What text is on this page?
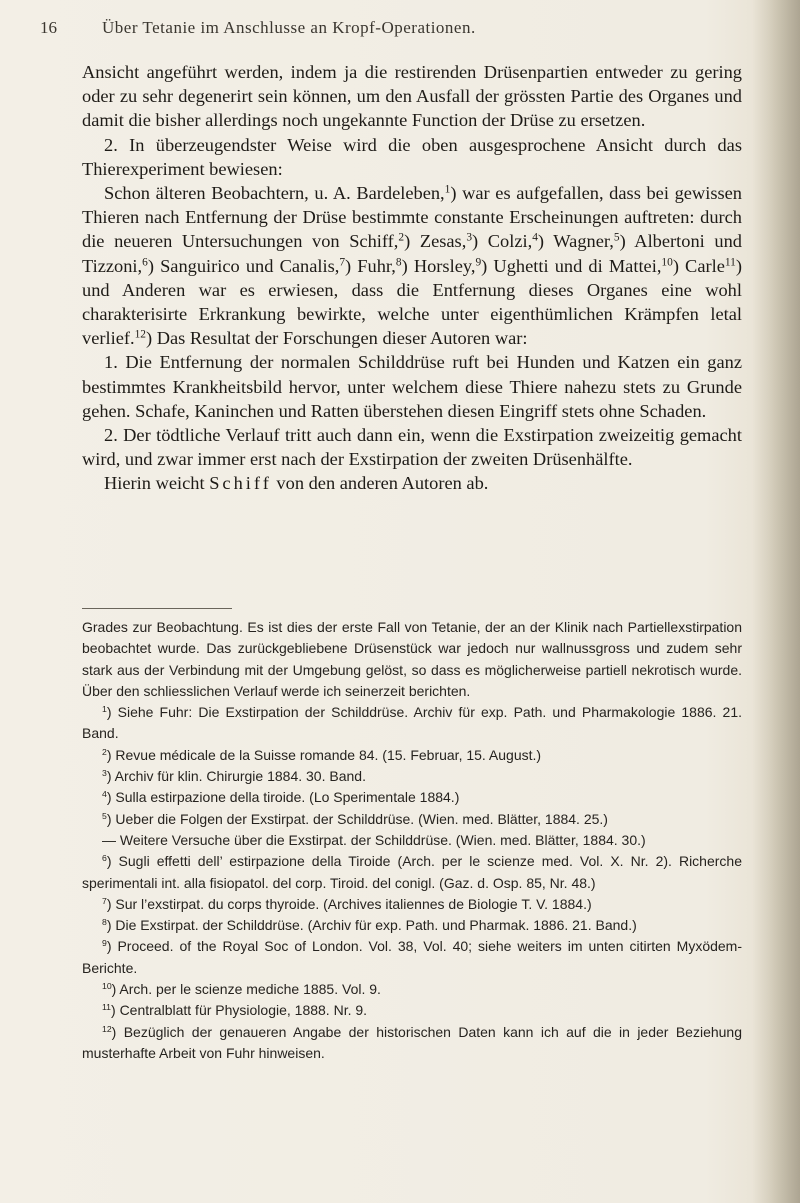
16	Über Tetanie im Anschlusse an Kropf-Operationen.

Ansicht angeführt werden, indem ja die restirenden Drüsenpartien entweder zu gering oder zu sehr degenerirt sein können, um den Ausfall der grössten Partie des Organes und damit die bisher allerdings noch ungekannte Function der Drüse zu ersetzen.

2. In überzeugendster Weise wird die oben ausgesprochene Ansicht durch das Thierexperiment bewiesen:

Schon älteren Beobachtern, u. A. Bardeleben,$^1$) war es aufgefallen, dass bei gewissen Thieren nach Entfernung der Drüse bestimmte constante Erscheinungen auftreten: durch die neueren Untersuchungen von Schiff,$^2$) Zesas,$^3$) Colzi,$^4$) Wagner,$^5$) Albertoni und Tizzoni,$^6$) Sanguirico und Canalis,$^7$) Fuhr,$^8$) Horsley,$^9$) Ughetti und di Mattei,$^{10}$) Carle$^{11}$) und Anderen war es erwiesen, dass die Entfernung dieses Organes eine wohl charakterisirte Erkrankung bewirkte, welche unter eigenthümlichen Krämpfen letal verlief.$^{12}$) Das Resultat der Forschungen dieser Autoren war:

1. Die Entfernung der normalen Schilddrüse ruft bei Hunden und Katzen ein ganz bestimmtes Krankheitsbild hervor, unter welchem diese Thiere nahezu stets zu Grunde gehen. Schafe, Kaninchen und Ratten überstehen diesen Eingriff stets ohne Schaden.

2. Der tödtliche Verlauf tritt auch dann ein, wenn die Exstirpation zweizeitig gemacht wird, und zwar immer erst nach der Exstirpation der zweiten Drüsenhälfte.

Hierin weicht Schiff von den anderen Autoren ab.

Grades zur Beobachtung. Es ist dies der erste Fall von Tetanie, der an der Klinik nach Partiellexstirpation beobachtet wurde. Das zurückgebliebene Drüsenstück war jedoch nur wallnussgross und zudem sehr stark aus der Verbindung mit der Umgebung gelöst, so dass es möglicherweise partiell nekrotisch wurde. Über den schliesslichen Verlauf werde ich seinerzeit berichten.

$^1$) Siehe Fuhr: Die Exstirpation der Schilddrüse. Archiv für exp. Path. und Pharmakologie 1886. 21. Band.

$^2$) Revue médicale de la Suisse romande 84. (15. Februar, 15. August.)

$^3$) Archiv für klin. Chirurgie 1884. 30. Band.

$^4$) Sulla estirpazione della tiroide. (Lo Sperimentale 1884.)

$^5$) Ueber die Folgen der Exstirpat. der Schilddrüse. (Wien. med. Blätter, 1884. 25.)

— Weitere Versuche über die Exstirpat. der Schilddrüse. (Wien. med. Blätter, 1884. 30.)

$^6$) Sugli effetti dell’ estirpazione della Tiroide (Arch. per le scienze med. Vol. X. Nr. 2). Richerche sperimentali int. alla fisiopatol. del corp. Tiroid. del conigl. (Gaz. d. Osp. 85, Nr. 48.)

$^7$) Sur l’exstirpat. du corps thyroide. (Archives italiennes de Biologie T. V. 1884.)

$^8$) Die Exstirpat. der Schilddrüse. (Archiv für exp. Path. und Pharmak. 1886. 21. Band.)

$^9$) Proceed. of the Royal Soc of London. Vol. 38, Vol. 40; siehe weiters im unten citirten Myxödem-Berichte.

$^{10}$) Arch. per le scienze mediche 1885. Vol. 9.

$^{11}$) Centralblatt für Physiologie, 1888. Nr. 9.

$^{12}$) Bezüglich der genaueren Angabe der historischen Daten kann ich auf die in jeder Beziehung musterhafte Arbeit von Fuhr hinweisen.
